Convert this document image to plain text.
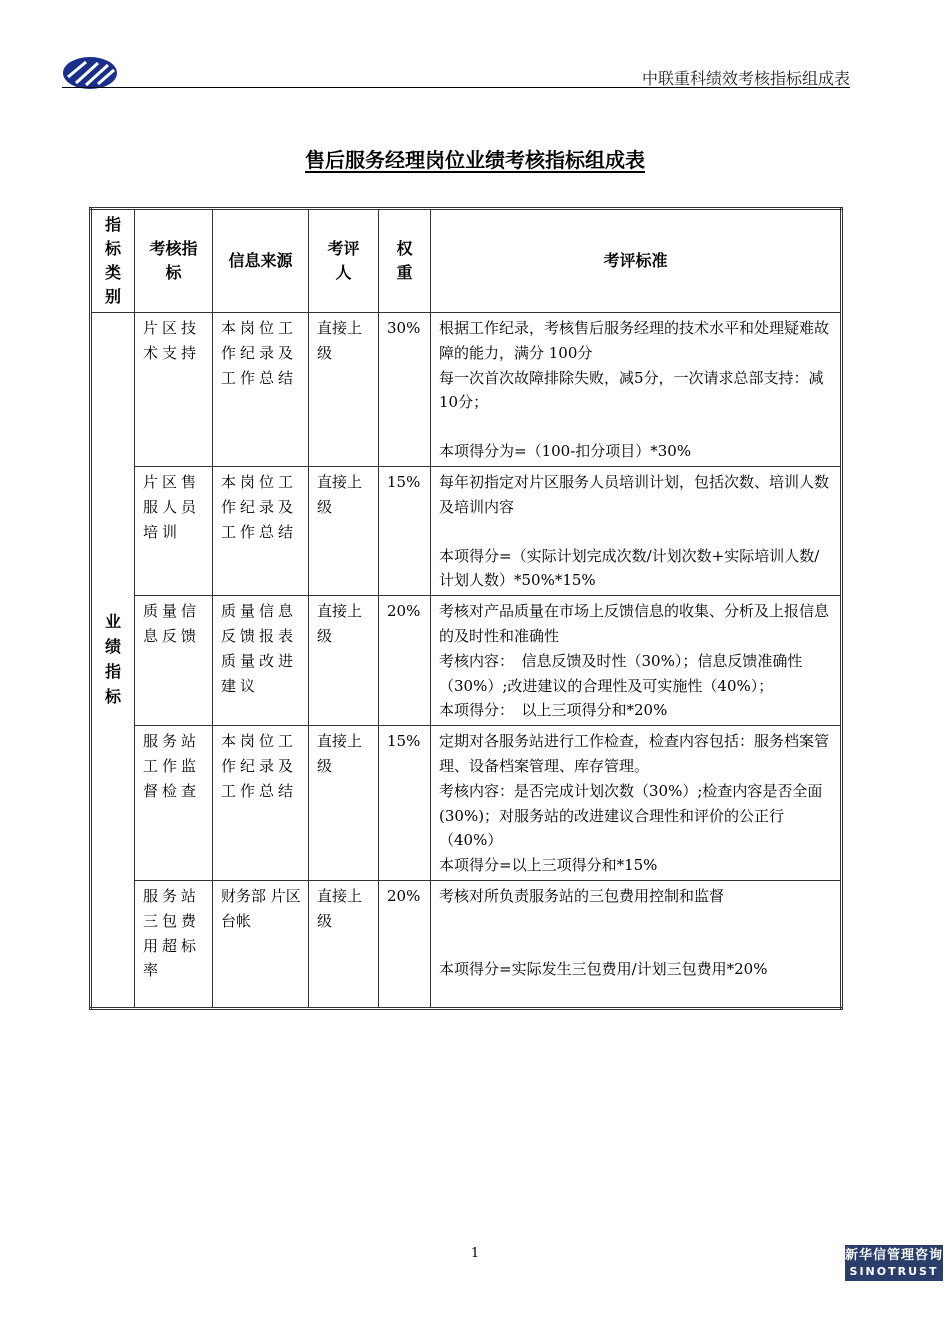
中联重科绩效考核指标组成表
售后服务经理岗位业绩考核指标组成表
指标类别	考核指标	信息来源	考评人	权重	考评标准
业绩指标	片区技术支持	本岗位工作纪录及工作总结	直接上级	30%	根据工作纪录，考核售后服务经理的技术水平和处理疑难故障的能力，满分 100分
每一次首次故障排除失败，减5分，一次请求总部支持：减10分；
本项得分为=（100-扣分项目）*30%

	片区售服人员培训	本岗位工作纪录及工作总结	直接上级	15%	每年初指定对片区服务人员培训计划，包括次数、培训人数及培训内容
本项得分=（实际计划完成次数/计划次数+实际培训人数/计划人数）*50%*15%

	质量信息反馈	质量信息反馈报表 质量改进建议	直接上级	20%	考核对产品质量在市场上反馈信息的收集、分析及上报信息的及时性和准确性
考核内容：　信息反馈及时性（30%）；信息反馈准确性（30%）;改进建议的合理性及可实施性（40%）；
本项得分：　以上三项得分和*20%

	服务站工作监督检查	本岗位工作纪录及工作总结	直接上级	15%	定期对各服务站进行工作检查，检查内容包括：服务档案管理、设备档案管理、库存管理。
考核内容：是否完成计划次数（30%）;检查内容是否全面(30%)；对服务站的改进建议合理性和评价的公正行（40%）
本项得分=以上三项得分和*15%

	服务站三包费用超标率	财务部 片区台帐	直接上级	20%	考核对所负责服务站的三包费用控制和监督
本项得分=实际发生三包费用/计划三包费用*20%
1	新华信管理咨询
SINOTRUST
